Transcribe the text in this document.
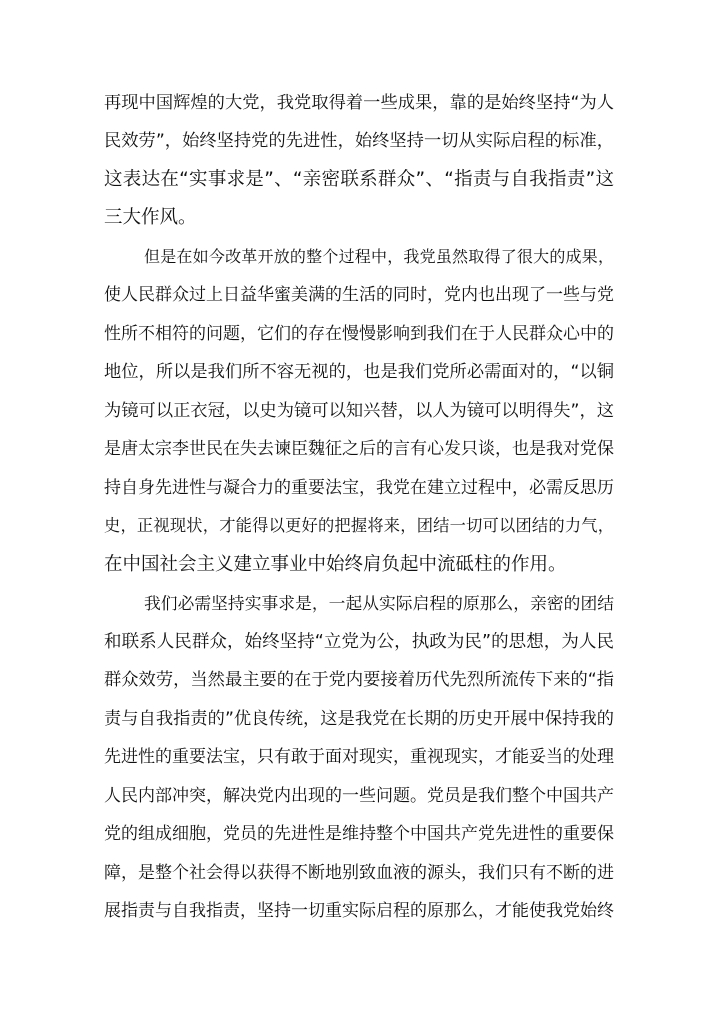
再现中国辉煌的大党，我党取得着一些成果，靠的是始终坚持“为人
民效劳”，始终坚持党的先进性，始终坚持一切从实际启程的标准，
这表达在“实事求是”、“亲密联系群众”、“指责与自我指责”这
三大作风。
但是在如今改革开放的整个过程中，我党虽然取得了很大的成果，
使人民群众过上日益华蜜美满的生活的同时，党内也出现了一些与党
性所不相符的问题，它们的存在慢慢影响到我们在于人民群众心中的
地位，所以是我们所不容无视的，也是我们党所必需面对的，“以铜
为镜可以正衣冠，以史为镜可以知兴替，以人为镜可以明得失”，这
是唐太宗李世民在失去谏臣魏征之后的言有心发只谈，也是我对党保
持自身先进性与凝合力的重要法宝，我党在建立过程中，必需反思历
史，正视现状，才能得以更好的把握将来，团结一切可以团结的力气，
在中国社会主义建立事业中始终肩负起中流砥柱的作用。
我们必需坚持实事求是，一起从实际启程的原那么，亲密的团结
和联系人民群众，始终坚持“立党为公，执政为民”的思想，为人民
群众效劳，当然最主要的在于党内要接着历代先烈所流传下来的“指
责与自我指责的”优良传统，这是我党在长期的历史开展中保持我的
先进性的重要法宝，只有敢于面对现实，重视现实，才能妥当的处理
人民内部冲突，解决党内出现的一些问题。党员是我们整个中国共产
党的组成细胞，党员的先进性是维持整个中国共产党先进性的重要保
障，是整个社会得以获得不断地别致血液的源头，我们只有不断的进
展指责与自我指责，坚持一切重实际启程的原那么，才能使我党始终
